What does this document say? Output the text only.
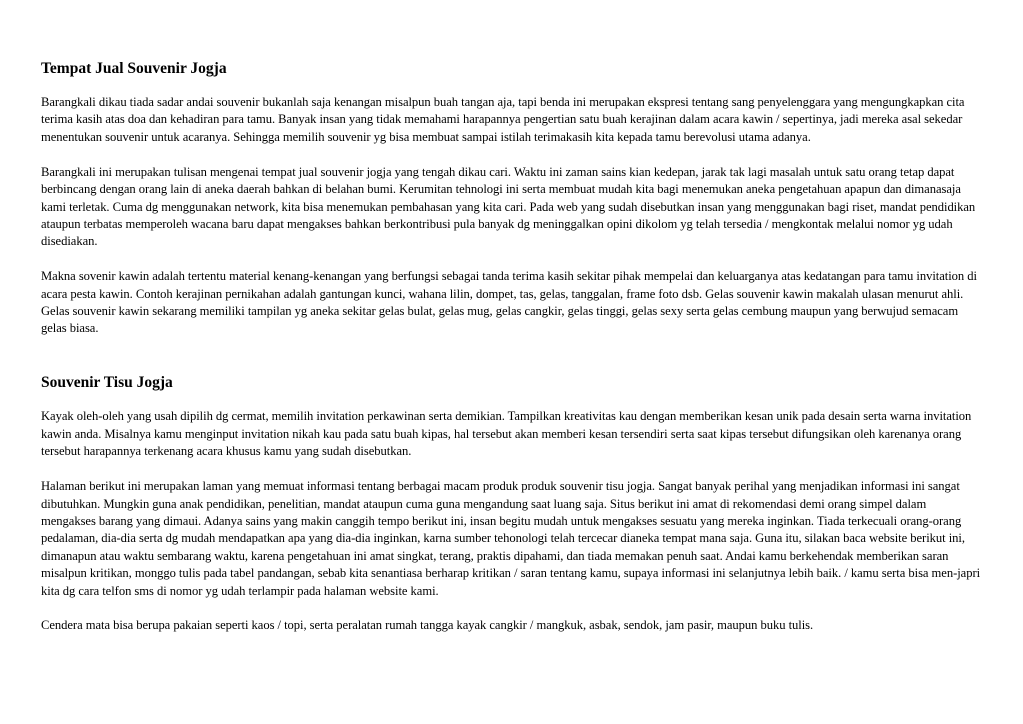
Tempat Jual Souvenir Jogja

Barangkali dikau tiada sadar andai souvenir bukanlah saja kenangan misalpun buah tangan aja, tapi benda ini merupakan ekspresi tentang sang penyelenggara yang mengungkapkan cita terima kasih atas doa dan kehadiran para tamu. Banyak insan yang tidak memahami harapannya pengertian satu buah kerajinan dalam acara kawin / sepertinya, jadi mereka asal sekedar menentukan souvenir untuk acaranya. Sehingga memilih souvenir yg bisa membuat sampai istilah terimakasih kita kepada tamu berevolusi utama adanya.

Barangkali ini merupakan tulisan mengenai tempat jual souvenir jogja yang tengah dikau cari. Waktu ini zaman sains kian kedepan, jarak tak lagi masalah untuk satu orang tetap dapat berbincang dengan orang lain di aneka daerah bahkan di belahan bumi. Kerumitan tehnologi ini serta membuat mudah kita bagi menemukan aneka pengetahuan apapun dan dimanasaja kami terletak. Cuma dg menggunakan network, kita bisa menemukan pembahasan yang kita cari. Pada web yang sudah disebutkan insan yang menggunakan bagi riset, mandat pendidikan ataupun terbatas memperoleh wacana baru dapat mengakses bahkan berkontribusi pula banyak dg meninggalkan opini dikolom yg telah tersedia / mengkontak melalui nomor yg udah disediakan.

Makna sovenir kawin adalah tertentu material kenang-kenangan yang berfungsi sebagai tanda terima kasih sekitar pihak mempelai dan keluarganya atas kedatangan para tamu invitation di acara pesta kawin. Contoh kerajinan pernikahan adalah gantungan kunci, wahana lilin, dompet, tas, gelas, tanggalan, frame foto dsb. Gelas souvenir kawin makalah ulasan menurut ahli. Gelas souvenir kawin sekarang memiliki tampilan yg aneka sekitar gelas bulat, gelas mug, gelas cangkir, gelas tinggi, gelas sexy serta gelas cembung maupun yang berwujud semacam gelas biasa.

Souvenir Tisu Jogja

Kayak oleh-oleh yang usah dipilih dg cermat, memilih invitation perkawinan serta demikian. Tampilkan kreativitas kau dengan memberikan kesan unik pada desain serta warna invitation kawin anda. Misalnya kamu menginput invitation nikah kau pada satu buah kipas, hal tersebut akan memberi kesan tersendiri serta saat kipas tersebut difungsikan oleh karenanya orang tersebut harapannya terkenang acara khusus kamu yang sudah disebutkan.

Halaman berikut ini merupakan laman yang memuat informasi tentang berbagai macam produk produk souvenir tisu jogja. Sangat banyak perihal yang menjadikan informasi ini sangat dibutuhkan. Mungkin guna anak pendidikan, penelitian, mandat ataupun cuma guna mengandung saat luang saja. Situs berikut ini amat di rekomendasi demi orang simpel dalam mengakses barang yang dimaui. Adanya sains yang makin canggih tempo berikut ini, insan begitu mudah untuk mengakses sesuatu yang mereka inginkan. Tiada terkecuali orang-orang pedalaman, dia-dia serta dg mudah mendapatkan apa yang dia-dia inginkan, karna sumber tehonologi telah tercecar dianeka tempat mana saja. Guna itu, silakan baca website berikut ini, dimanapun atau waktu sembarang waktu, karena pengetahuan ini amat singkat, terang, praktis dipahami, dan tiada memakan penuh saat. Andai kamu berkehendak memberikan saran misalpun kritikan, monggo tulis pada tabel pandangan, sebab kita senantiasa berharap kritikan / saran tentang kamu, supaya informasi ini selanjutnya lebih baik. / kamu serta bisa men-japri kita dg cara telfon sms di nomor yg udah terlampir pada halaman website kami.

Cendera mata bisa berupa pakaian seperti kaos / topi, serta peralatan rumah tangga kayak cangkir / mangkuk, asbak, sendok, jam pasir, maupun buku tulis.
